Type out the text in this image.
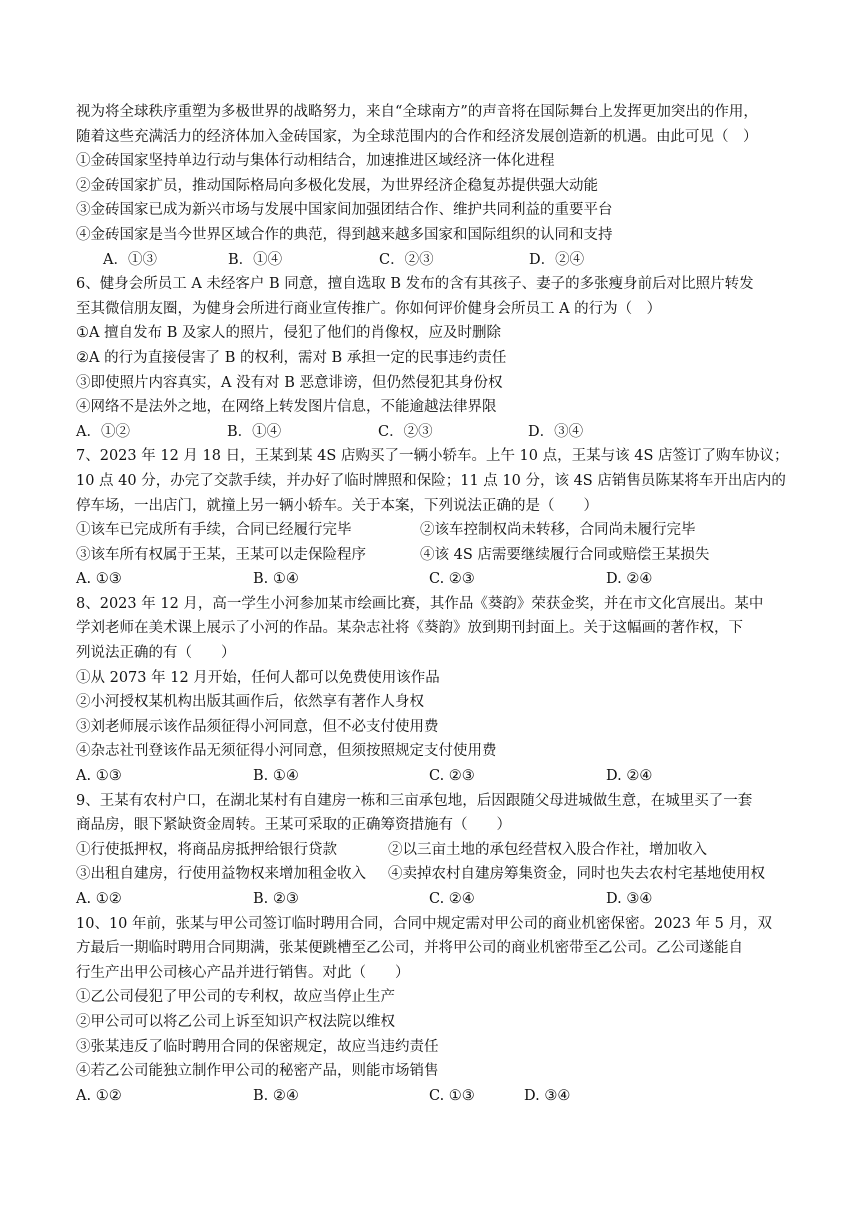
视为将全球秩序重塑为多极世界的战略努力，来自“全球南方”的声音将在国际舞台上发挥更加突出的作用，
随着这些充满活力的经济体加入金砖国家，为全球范围内的合作和经济发展创造新的机遇。由此可见（　）
①金砖国家坚持单边行动与集体行动相结合，加速推进区域经济一体化进程
②金砖国家扩员，推动国际格局向多极化发展，为世界经济企稳复苏提供强大动能
③金砖国家已成为新兴市场与发展中国家间加强团结合作、维护共同利益的重要平台
④金砖国家是当今世界区域合作的典范，得到越来越多国家和国际组织的认同和支持
A．①③	B．①④	C．②③	D．②④
6、健身会所员工 A 未经客户 B 同意，擅自选取 B 发布的含有其孩子、妻子的多张瘦身前后对比照片转发
至其微信朋友圈，为健身会所进行商业宣传推广。你如何评价健身会所员工 A 的行为（　）
①A 擅自发布 B 及家人的照片，侵犯了他们的肖像权，应及时删除
②A 的行为直接侵害了 B 的权利，需对 B 承担一定的民事违约责任
③即使照片内容真实，A 没有对 B 恶意诽谤，但仍然侵犯其身份权
④网络不是法外之地，在网络上转发图片信息，不能逾越法律界限
A．①②	B．①④	C．②③	D．③④
7、2023 年 12 月 18 日，王某到某 4S 店购买了一辆小轿车。上午 10 点，王某与该 4S 店签订了购车协议；
10 点 40 分，办完了交款手续，并办好了临时牌照和保险；11 点 10 分，该 4S 店销售员陈某将车开出店内的
停车场，一出店门，就撞上另一辆小轿车。关于本案，下列说法正确的是（　　）
①该车已完成所有手续，合同已经履行完毕	②该车控制权尚未转移，合同尚未履行完毕
③该车所有权属于王某，王某可以走保险程序	④该 4S 店需要继续履行合同或赔偿王某损失
A. ①③	B. ①④	C. ②③	D. ②④
8、2023 年 12 月，高一学生小河参加某市绘画比赛，其作品《葵韵》荣获金奖，并在市文化宫展出。某中
学刘老师在美术课上展示了小河的作品。某杂志社将《葵韵》放到期刊封面上。关于这幅画的著作权，下
列说法正确的有（　　）
①从 2073 年 12 月开始，任何人都可以免费使用该作品
②小河授权某机构出版其画作后，依然享有著作人身权
③刘老师展示该作品须征得小河同意，但不必支付使用费
④杂志社刊登该作品无须征得小河同意，但须按照规定支付使用费
A. ①③	B. ①④	C. ②③	D. ②④
9、王某有农村户口，在湖北某村有自建房一栋和三亩承包地，后因跟随父母进城做生意，在城里买了一套
商品房，眼下紧缺资金周转。王某可采取的正确筹资措施有（　　）
①行使抵押权，将商品房抵押给银行贷款	②以三亩土地的承包经营权入股合作社，增加收入
③出租自建房，行使用益物权来增加租金收入	④卖掉农村自建房筹集资金，同时也失去农村宅基地使用权
A. ①②	B. ②③	C. ②④	D. ③④
10、10 年前，张某与甲公司签订临时聘用合同，合同中规定需对甲公司的商业机密保密。2023 年 5 月，双
方最后一期临时聘用合同期满，张某便跳槽至乙公司，并将甲公司的商业机密带至乙公司。乙公司遂能自
行生产出甲公司核心产品并进行销售。对此（　　）
①乙公司侵犯了甲公司的专利权，故应当停止生产
②甲公司可以将乙公司上诉至知识产权法院以维权
③张某违反了临时聘用合同的保密规定，故应当违约责任
④若乙公司能独立制作甲公司的秘密产品，则能市场销售
A. ①②	B. ②④	C. ①③	D. ③④
